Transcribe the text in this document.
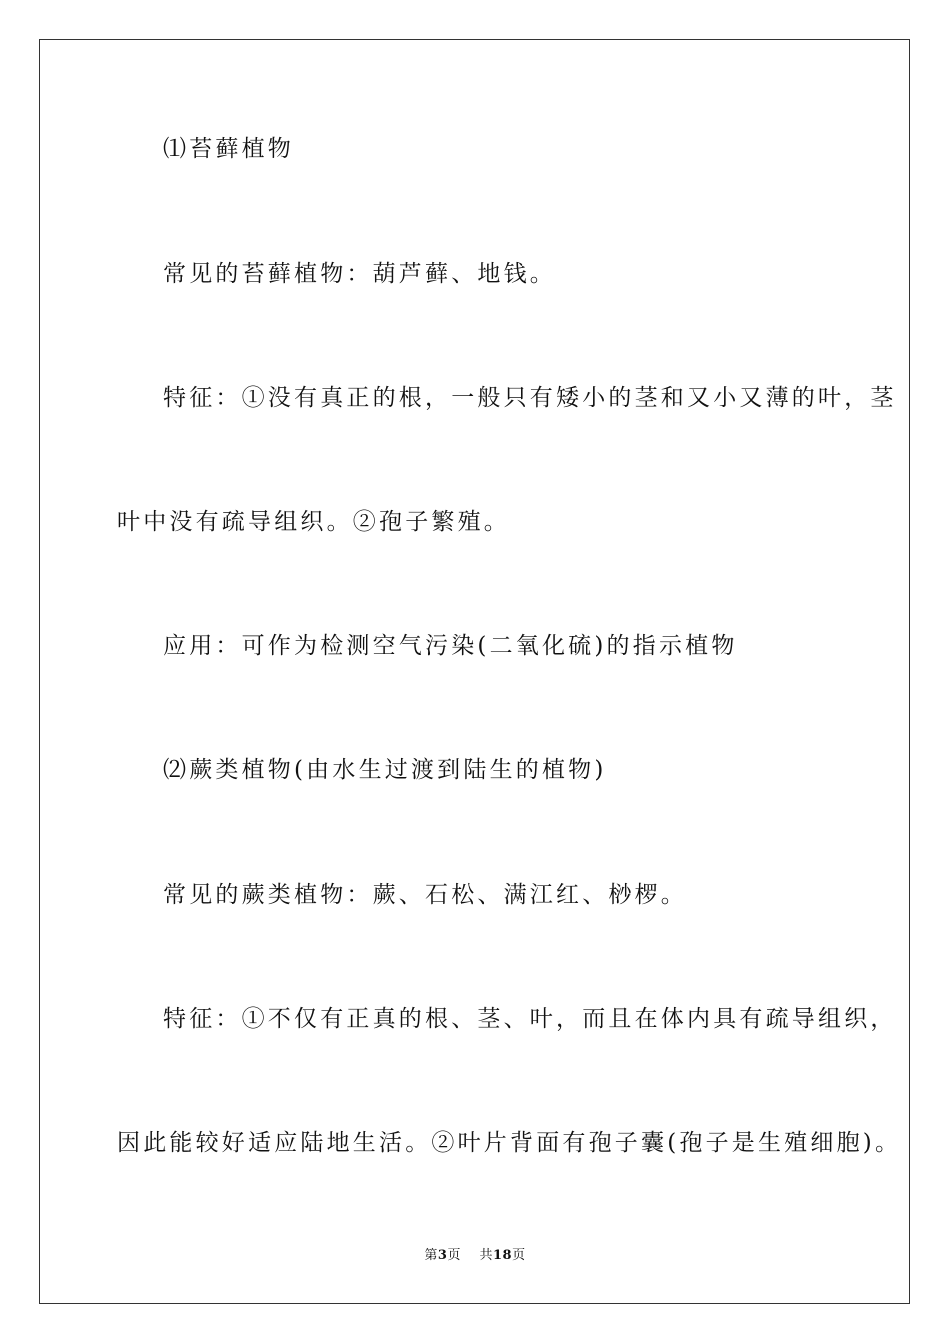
⑴苔藓植物
常见的苔藓植物：葫芦藓、地钱。
特征：①没有真正的根，一般只有矮小的茎和又小又薄的叶，茎
叶中没有疏导组织。②孢子繁殖。
应用：可作为检测空气污染(二氧化硫)的指示植物
⑵蕨类植物(由水生过渡到陆生的植物)
常见的蕨类植物：蕨、石松、满江红、桫椤。
特征：①不仅有正真的根、茎、叶，而且在体内具有疏导组织，
因此能较好适应陆地生活。②叶片背面有孢子囊(孢子是生殖细胞)。
第3页 共18页
